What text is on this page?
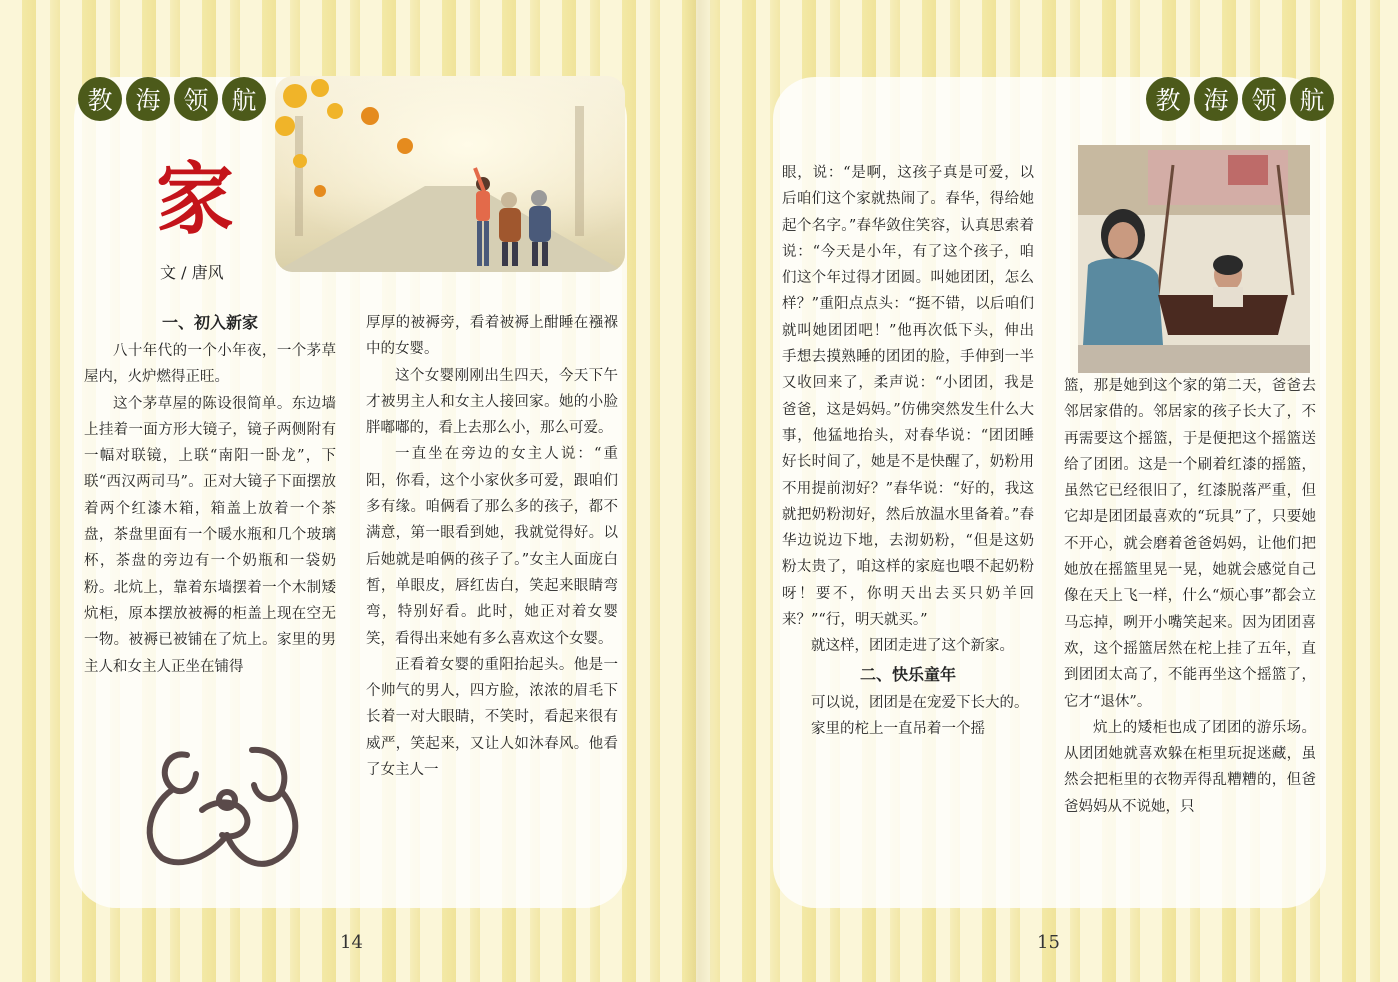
教 海 领 航	教 海 领 航
家
文 / 唐风
一、初入新家

八十年代的一个小年夜，一个茅草屋内，火炉燃得正旺。

这个茅草屋的陈设很简单。东边墙上挂着一面方形大镜子，镜子两侧附有一幅对联镜，上联“南阳一卧龙”，下联“西汉两司马”。正对大镜子下面摆放着两个红漆木箱，箱盖上放着一个茶盘，茶盘里面有一个暖水瓶和几个玻璃杯，茶盘的旁边有一个奶瓶和一袋奶粉。北炕上，靠着东墙摆着一个木制矮炕柜，原本摆放被褥的柜盖上现在空无一物。被褥已被铺在了炕上。家里的男主人和女主人正坐在铺得

厚厚的被褥旁，看着被褥上酣睡在襁褓中的女婴。

这个女婴刚刚出生四天，今天下午才被男主人和女主人接回家。她的小脸胖嘟嘟的，看上去那么小，那么可爱。

一直坐在旁边的女主人说：“重阳，你看，这个小家伙多可爱，跟咱们多有缘。咱俩看了那么多的孩子，都不满意，第一眼看到她，我就觉得好。以后她就是咱俩的孩子了。”女主人面庞白皙，单眼皮，唇红齿白，笑起来眼睛弯弯，特别好看。此时，她正对着女婴笑，看得出来她有多么喜欢这个女婴。

正看着女婴的重阳抬起头。他是一个帅气的男人，四方脸，浓浓的眉毛下长着一对大眼睛，不笑时，看起来很有威严，笑起来，又让人如沐春风。他看了女主人一

眼，说：“是啊，这孩子真是可爱，以后咱们这个家就热闹了。春华，得给她起个名字。”春华敛住笑容，认真思索着说：“今天是小年，有了这个孩子，咱们这个年过得才团圆。叫她团团，怎么样？”重阳点点头：“挺不错，以后咱们就叫她团团吧！”他再次低下头，伸出手想去摸熟睡的团团的脸，手伸到一半又收回来了，柔声说：“小团团，我是爸爸，这是妈妈。”仿佛突然发生什么大事，他猛地抬头，对春华说：“团团睡好长时间了，她是不是快醒了，奶粉用不用提前沏好？”春华说：“好的，我这就把奶粉沏好，然后放温水里备着。”春华边说边下地，去沏奶粉，“但是这奶粉太贵了，咱这样的家庭也喂不起奶粉呀！要不，你明天出去买只奶羊回来？”“行，明天就买。”

就这样，团团走进了这个新家。

二、快乐童年

可以说，团团是在宠爱下长大的。

家里的柁上一直吊着一个摇

篮，那是她到这个家的第二天，爸爸去邻居家借的。邻居家的孩子长大了，不再需要这个摇篮，于是便把这个摇篮送给了团团。这是一个刷着红漆的摇篮，虽然它已经很旧了，红漆脱落严重，但它却是团团最喜欢的“玩具”了，只要她不开心，就会磨着爸爸妈妈，让他们把她放在摇篮里晃一晃，她就会感觉自己像在天上飞一样，什么“烦心事”都会立马忘掉，咧开小嘴笑起来。因为团团喜欢，这个摇篮居然在柁上挂了五年，直到团团太高了，不能再坐这个摇篮了，它才“退休”。

炕上的矮柜也成了团团的游乐场。从团团她就喜欢躲在柜里玩捉迷藏，虽然会把柜里的衣物弄得乱糟糟的，但爸爸妈妈从不说她，只

14	15
